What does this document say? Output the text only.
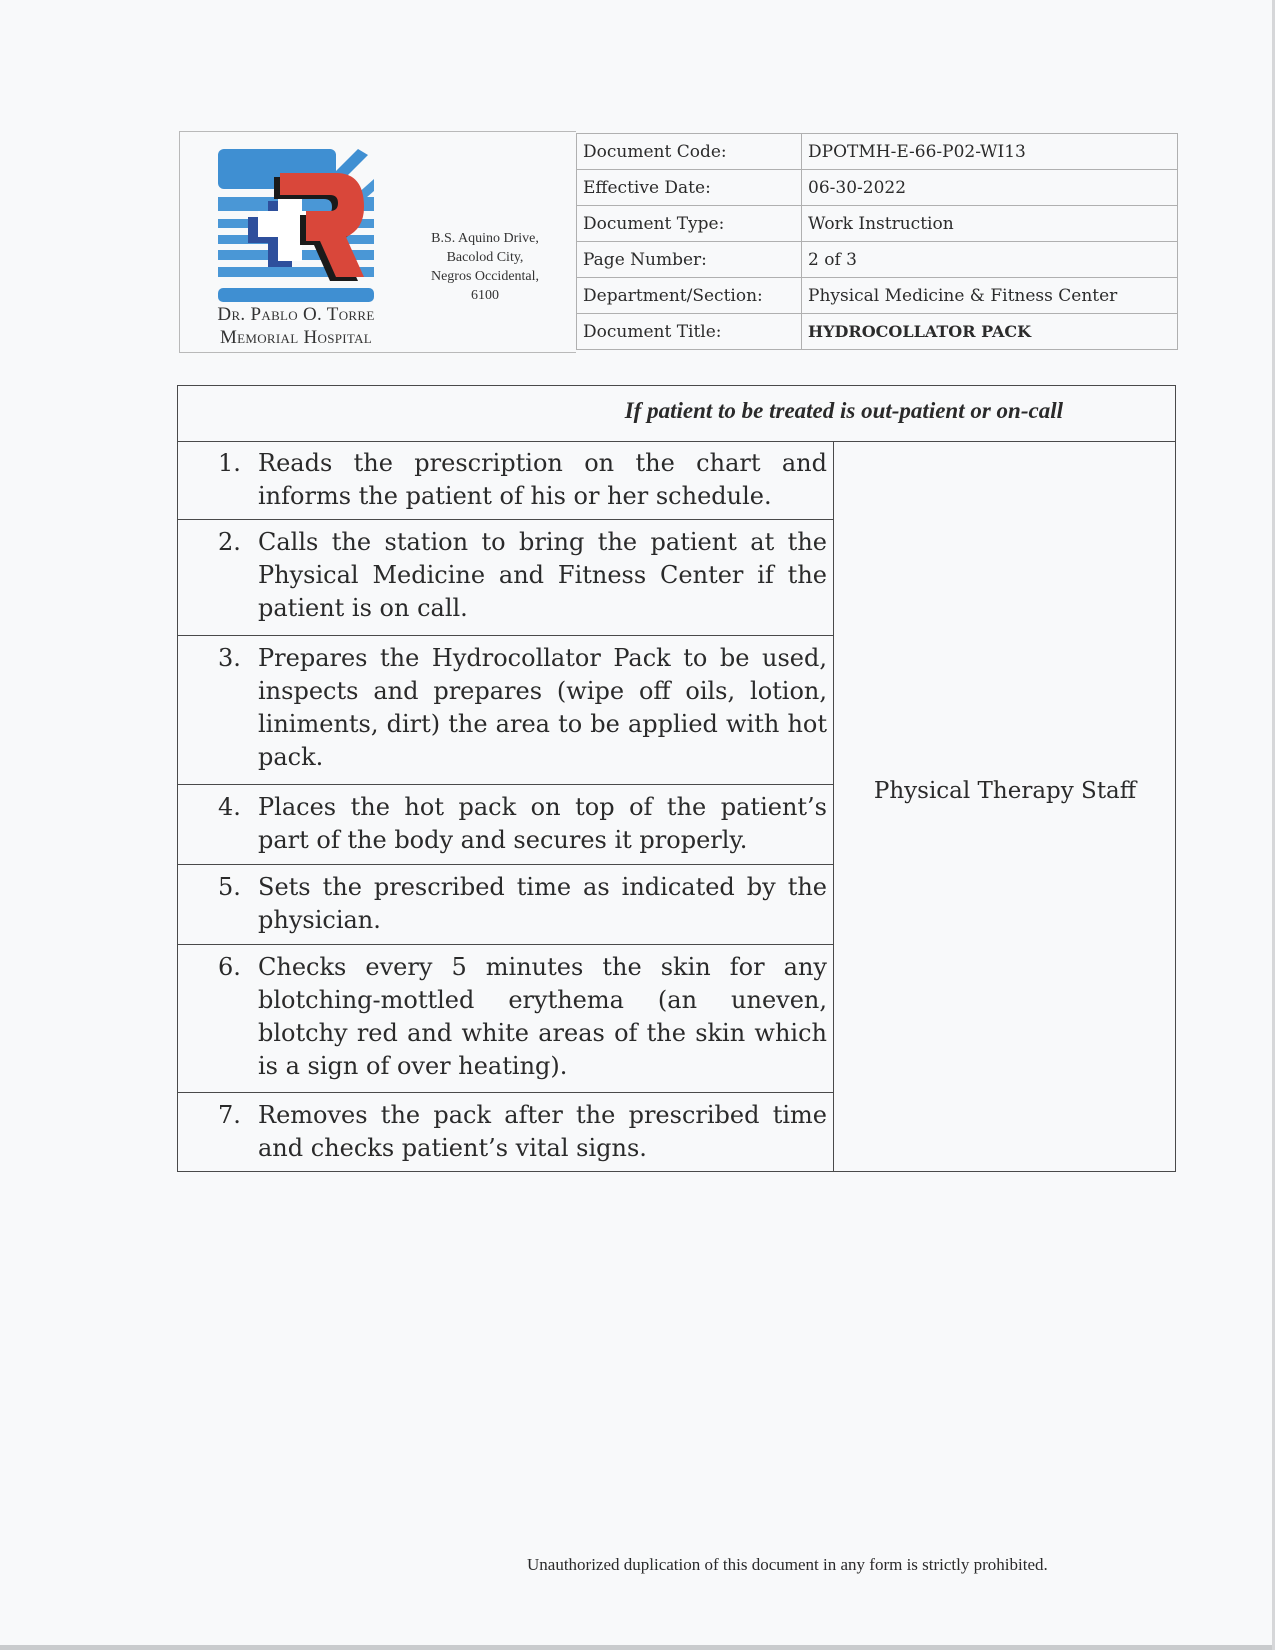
Dr. Pablo O. Torre
Memorial Hospital
B.S. Aquino Drive,
Bacolod City,
Negros Occidental,
6100
Document Code:	DPOTMH-E-66-P02-WI13
Effective Date:	06-30-2022
Document Type:	Work Instruction
Page Number:	2 of 3
Department/Section:	Physical Medicine & Fitness Center
Document Title:	HYDROCOLLATOR PACK
If patient to be treated is out-patient or on-call
1. Reads the prescription on the chart and informs the patient of his or her schedule.
2. Calls the station to bring the patient at the Physical Medicine and Fitness Center if the patient is on call.
3. Prepares the Hydrocollator Pack to be used, inspects and prepares (wipe off oils, lotion, liniments, dirt) the area to be applied with hot pack.
4. Places the hot pack on top of the patient’s part of the body and secures it properly.
5. Sets the prescribed time as indicated by the physician.
6. Checks every 5 minutes the skin for any blotching-mottled erythema (an uneven, blotchy red and white areas of the skin which is a sign of over heating).
7. Removes the pack after the prescribed time and checks patient’s vital signs.
Physical Therapy Staff
Unauthorized duplication of this document in any form is strictly prohibited.
